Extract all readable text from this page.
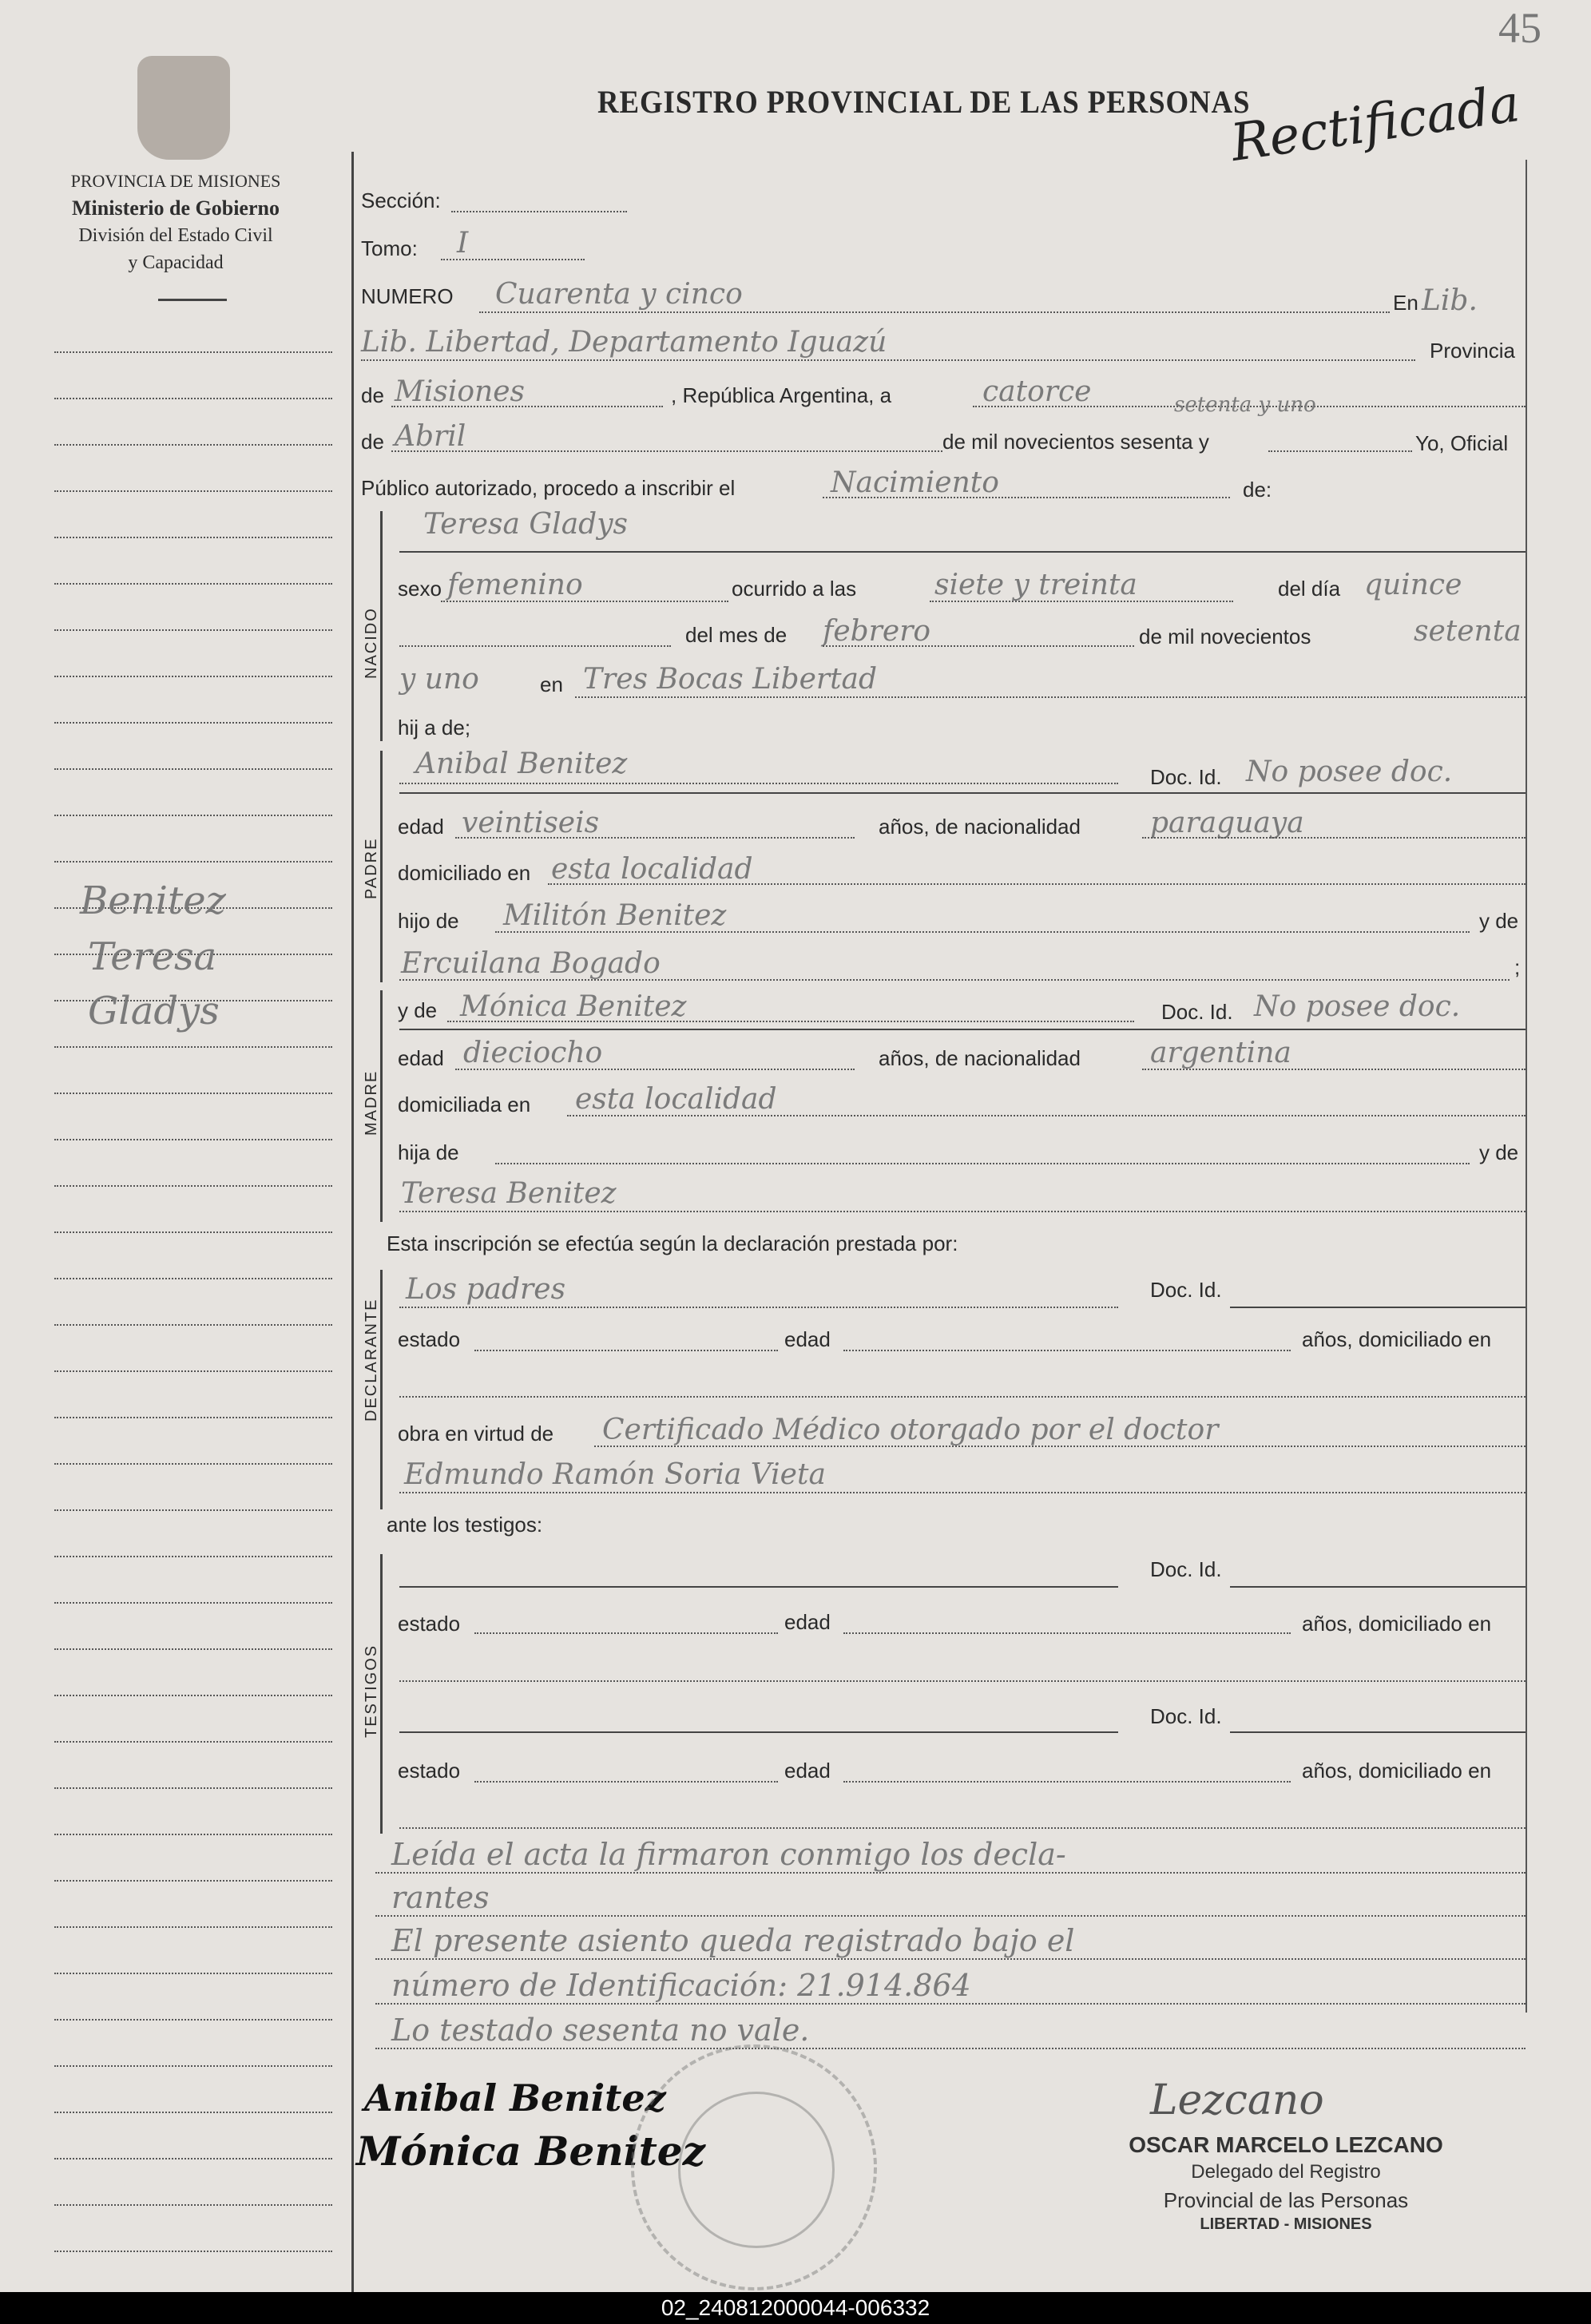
45
REGISTRO PROVINCIAL DE LAS PERSONAS
Rectificada
PROVINCIA DE MISIONES
Ministerio de Gobierno
División del Estado Civil
y Capacidad
Benitez
Teresa
Gladys
Sección:
Tomo: I
NUMERO Cuarenta y cinco	En Lib.
Lib. Libertad, Departamento Iguazú	Provincia
de Misiones	, República Argentina, a	catorce
de Abril	de mil novecientos sesenta y
setenta y uno
Yo, Oficial
Público autorizado, procedo a inscribir el	Nacimiento	de:
NACIDO
Teresa Gladys
sexo femenino	ocurrido a las	siete y treinta	del día quince
del mes de febrero	de mil novecientos	setenta
y uno	en Tres Bocas Libertad
hij a de;
PADRE
Anibal Benitez	Doc. Id. No posee doc.
edad veintiseis	años, de nacionalidad paraguaya
domiciliado en esta localidad
hijo de Militón Benitez	y de
Ercuilana Bogado	;
MADRE
y de Mónica Benitez	Doc. Id. No posee doc.
edad dieciocho	años, de nacionalidad argentina
domiciliada en esta localidad
hija de	y de
Teresa Benitez
Esta inscripción se efectúa según la declaración prestada por:
DECLARANTE
Los padres	Doc. Id.
estado	edad	años, domiciliado en
obra en virtud de Certificado Médico otorgado por el doctor
Edmundo Ramón Soria Vieta
ante los testigos:
TESTIGOS
Doc. Id.
estado	edad	años, domiciliado en
Doc. Id.
estado	edad	años, domiciliado en
Leída el acta la firmaron conmigo los decla-
rantes
El presente asiento queda registrado bajo el
número de Identificación: 21.914.864
Lo testado sesenta no vale.
Anibal Benitez
Mónica Benitez
Lezcano
OSCAR MARCELO LEZCANO
Delegado del Registro
Provincial de las Personas
LIBERTAD - MISIONES
02_240812000044-006332
